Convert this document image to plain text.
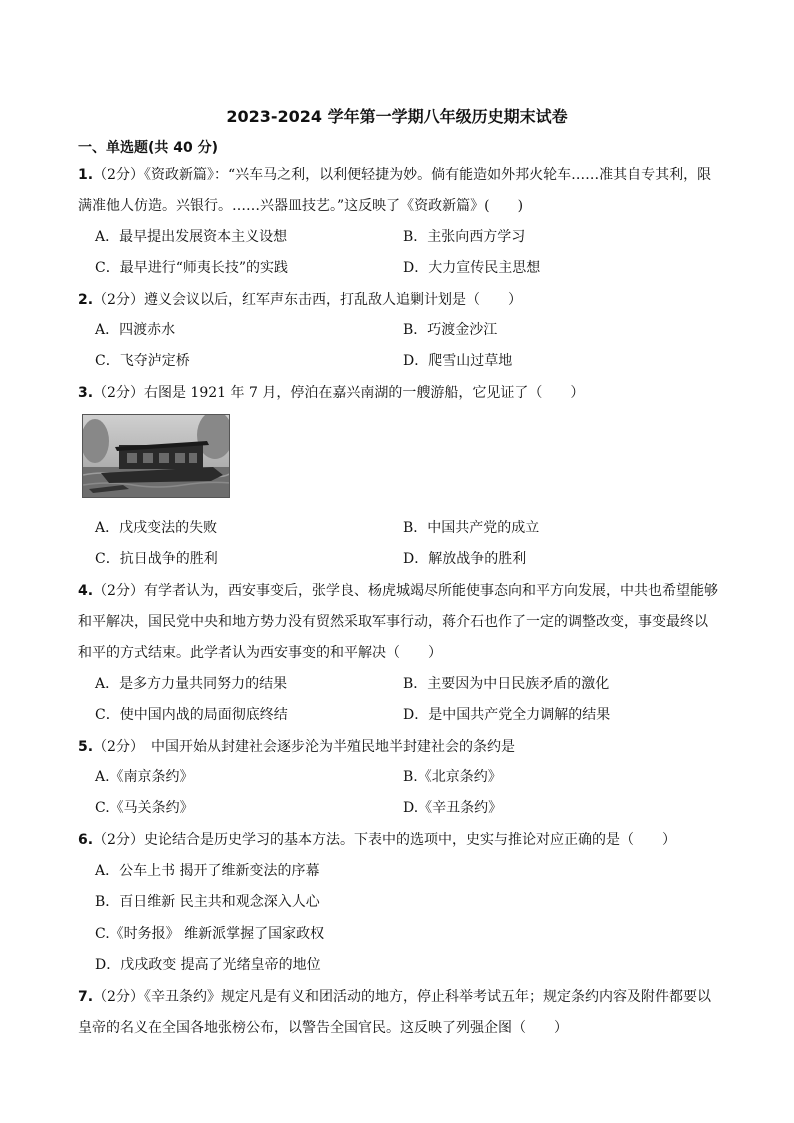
2023-2024 学年第一学期八年级历史期末试卷
一、单选题(共 40 分)
1.（2分）《资政新篇》：“兴车马之利，以利便轻捷为妙。倘有能造如外邦火轮车……准其自专其利，限满准他人仿造。兴银行。……兴器皿技艺。”这反映了《资政新篇》(　　)
A．最早提出发展资本主义设想	B．主张向西方学习
C．最早进行“师夷长技”的实践	D．大力宣传民主思想
2.（2分）遵义会议以后，红军声东击西，打乱敌人追剿计划是（　　）
A．四渡赤水	B．巧渡金沙江
C．飞夺泸定桥	D．爬雪山过草地
3.（2分）右图是 1921 年 7 月，停泊在嘉兴南湖的一艘游船，它见证了（　　）
A．戊戌变法的失败	B．中国共产党的成立
C．抗日战争的胜利	D．解放战争的胜利
4.（2分）有学者认为，西安事变后，张学良、杨虎城竭尽所能使事态向和平方向发展，中共也希望能够和平解决，国民党中央和地方势力没有贸然采取军事行动，蒋介石也作了一定的调整改变，事变最终以和平的方式结束。此学者认为西安事变的和平解决（　　）
A．是多方力量共同努力的结果	B．主要因为中日民族矛盾的激化
C．使中国内战的局面彻底终结	D．是中国共产党全力调解的结果
5.（2分）　中国开始从封建社会逐步沦为半殖民地半封建社会的条约是
A.《南京条约》	B.《北京条约》
C.《马关条约》	D.《辛丑条约》
6.（2分）史论结合是历史学习的基本方法。下表中的选项中，史实与推论对应正确的是（　　）
A．公车上书 揭开了维新变法的序幕
B．百日维新 民主共和观念深入人心
C.《时务报》 维新派掌握了国家政权
D．戊戌政变 提高了光绪皇帝的地位
7.（2分）《辛丑条约》规定凡是有义和团活动的地方，停止科举考试五年；规定条约内容及附件都要以皇帝的名义在全国各地张榜公布，以警告全国官民。这反映了列强企图（　　）
